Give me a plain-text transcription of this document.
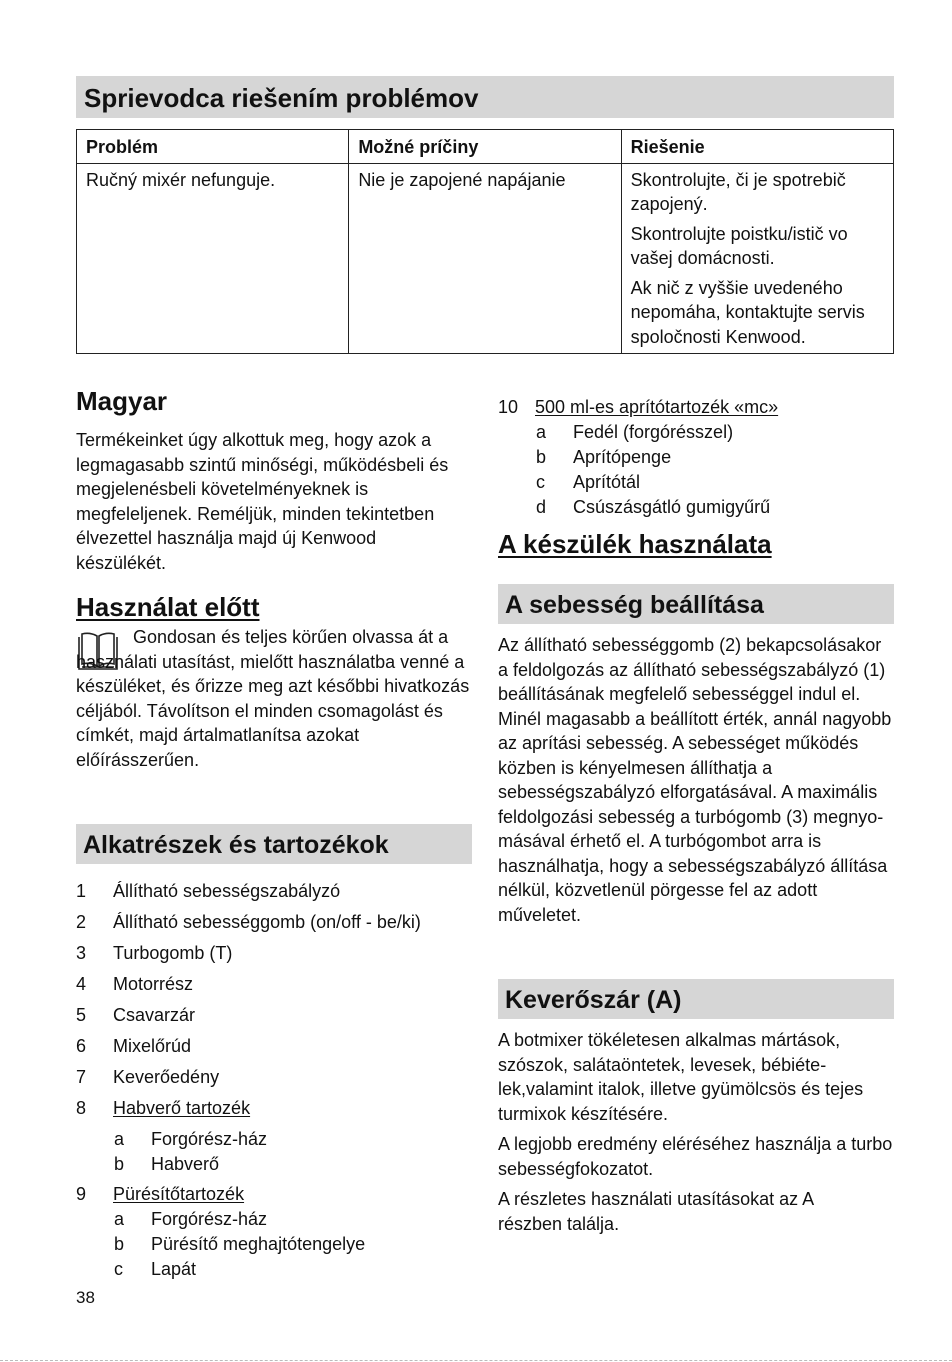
Sprievodca riešením problémov
Problém	Možné príčiny	Riešenie
Ručný mixér nefunguje.	Nie je zapojené napájanie	Skontrolujte, či je spotrebič zapojený.

Skontrolujte poistku/istič vo vašej domácnosti.

Ak nič z vyššie uvedeného nepomáha, kontaktujte servis spoločnosti Kenwood.

Magyar

Termékeinket úgy alkottuk meg, hogy azok a legmagasabb szintű minőségi, működésbeli és megjelenésbeli követelményeknek is megfeleljenek. Reméljük, minden tekintetben élvezettel használja majd új Kenwood készülékét.

Használat előtt

Gondosan és teljes körűen olvassa át a használati utasítást, mielőtt használatba venné a készüléket, és őrizze meg azt későbbi hivatkozás céljából. Távolítson el minden csomagolást és címkét, majd ártalmatlanítsa azokat előírásszerűen.

Alkatrészek és tartozékok
1 Állítható sebességszabályzó
2 Állítható sebességgomb (on/off - be/ki)
3 Turbogomb (T)
4 Motorrész
5 Csavarzár
6 Mixelőrúd
7 Keverőedény
8 Habverő tartozék
a Forgórész-ház
b Habverő
9 Pürésítőtartozék
a Forgórész-ház
b Pürésítő meghajtótengelye
c Lapát
10 500 ml-es aprítótartozék «mc»
a Fedél (forgórésszel)
b Aprítópenge
c Aprítótál
d Csúszásgátló gumigyűrű
A készülék használata
A sebesség beállítása

Az állítható sebességgomb (2) bekapcsolásakor a feldolgozás az állítható sebességszabályzó (1) beállításának megfelelő sebességgel indul el. Minél magasabb a beállított érték, annál nagyobb az aprítási sebesség. A sebességet működés közben is kényelmesen állíthatja a sebességszabályzó elforgatásával. A maximális feldolgozási sebesség a turbógomb (3) megnyomásával érhető el. A turbógombot arra is használhatja, hogy a sebességszabályzó állítása nélkül, közvetlenül pörgesse fel az adott műveletet.

Keverőszár (A)

A botmixer tökéletesen alkalmas mártások, szószok, salátaöntetek, levesek, bébiételek,valamint italok, illetve gyümölcsös és tejes turmixok készítésére.

A legjobb eredmény eléréséhez használja a turbo sebességfokozatot.

A részletes használati utasításokat az A részben találja.

38
